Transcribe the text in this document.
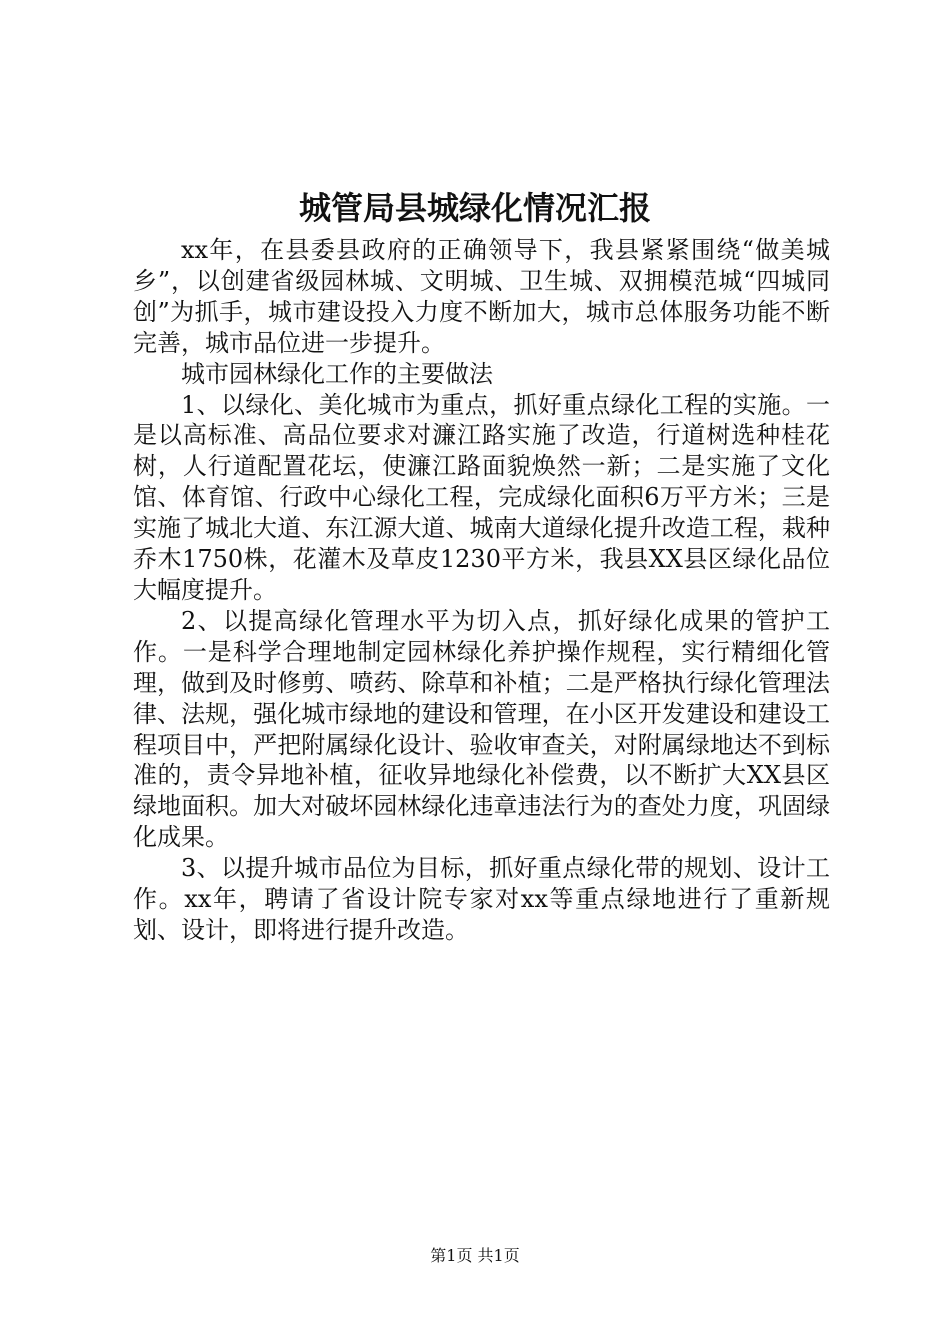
城管局县城绿化情况汇报

xx年，在县委县政府的正确领导下，我县紧紧围绕“做美城乡”，以创建省级园林城、文明城、卫生城、双拥模范城“四城同创”为抓手，城市建设投入力度不断加大，城市总体服务功能不断完善，城市品位进一步提升。

城市园林绿化工作的主要做法

1、以绿化、美化城市为重点，抓好重点绿化工程的实施。一是以高标准、高品位要求对濂江路实施了改造，行道树选种桂花树，人行道配置花坛，使濂江路面貌焕然一新；二是实施了文化馆、体育馆、行政中心绿化工程，完成绿化面积6万平方米；三是实施了城北大道、东江源大道、城南大道绿化提升改造工程，栽种乔木1750株，花灌木及草皮1230平方米，我县XX县区绿化品位大幅度提升。

2、以提高绿化管理水平为切入点，抓好绿化成果的管护工作。一是科学合理地制定园林绿化养护操作规程，实行精细化管理，做到及时修剪、喷药、除草和补植；二是严格执行绿化管理法律、法规，强化城市绿地的建设和管理，在小区开发建设和建设工程项目中，严把附属绿化设计、验收审查关，对附属绿地达不到标准的，责令异地补植，征收异地绿化补偿费，以不断扩大XX县区绿地面积。加大对破坏园林绿化违章违法行为的查处力度，巩固绿化成果。

3、以提升城市品位为目标，抓好重点绿化带的规划、设计工作。xx年，聘请了省设计院专家对xx等重点绿地进行了重新规划、设计，即将进行提升改造。

第1页 共1页
